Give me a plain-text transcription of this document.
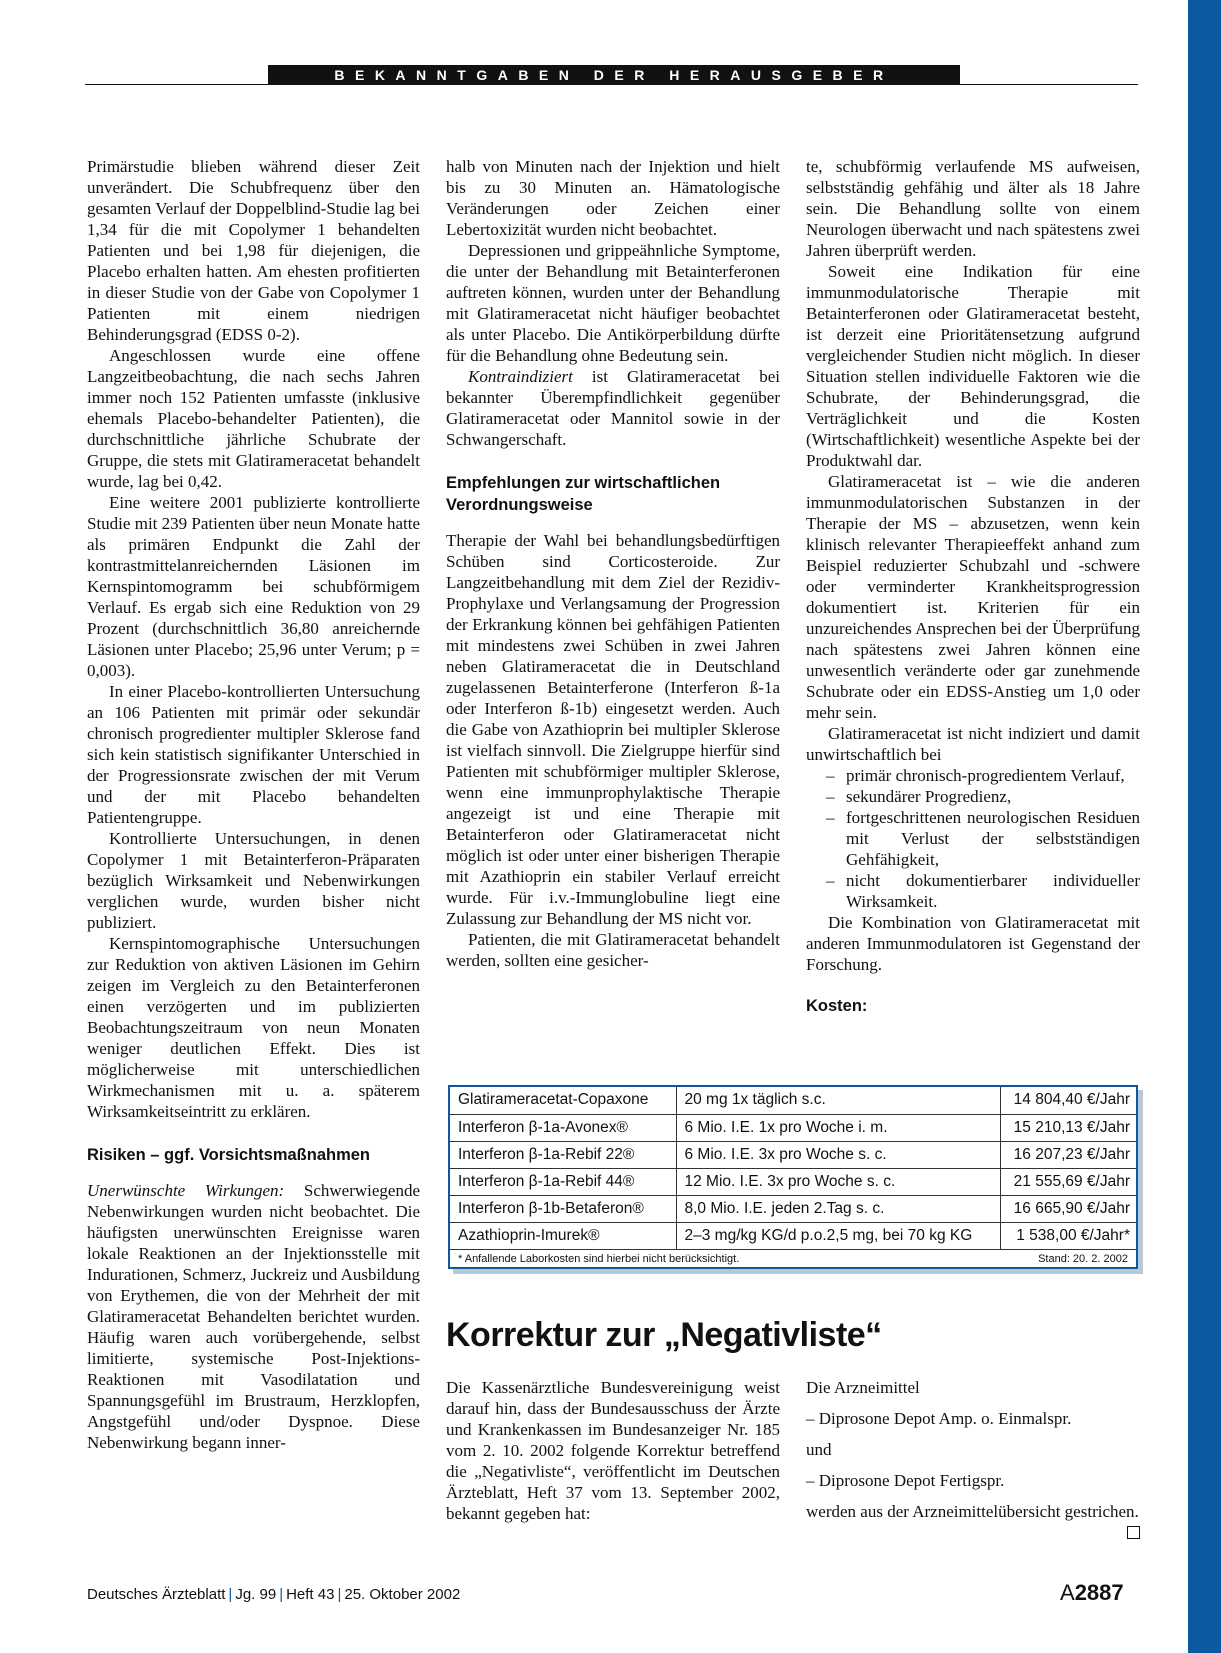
BEKANNTGABEN DER HERAUSGEBER

Primärstudie blieben während dieser Zeit unverändert. Die Schubfrequenz über den gesamten Verlauf der Doppelblind-Studie lag bei 1,34 für die mit Copolymer 1 behandelten Patienten und bei 1,98 für diejenigen, die Placebo erhalten hatten. Am ehesten profitierten in dieser Studie von der Gabe von Copolymer 1 Patienten mit einem niedrigen Behinderungsgrad (EDSS 0-2).

Angeschlossen wurde eine offene Langzeitbeobachtung, die nach sechs Jahren immer noch 152 Patienten umfasste (inklusive ehemals Placebo-behandelter Patienten), die durchschnittliche jährliche Schubrate der Gruppe, die stets mit Glatirameracetat behandelt wurde, lag bei 0,42.

Eine weitere 2001 publizierte kontrollierte Studie mit 239 Patienten über neun Monate hatte als primären Endpunkt die Zahl der kontrastmittelanreichernden Läsionen im Kernspintomogramm bei schubförmigem Verlauf. Es ergab sich eine Reduktion von 29 Prozent (durchschnittlich 36,80 anreichernde Läsionen unter Placebo; 25,96 unter Verum; p = 0,003).

In einer Placebo-kontrollierten Untersuchung an 106 Patienten mit primär oder sekundär chronisch progredienter multipler Sklerose fand sich kein statistisch signifikanter Unterschied in der Progressionsrate zwischen der mit Verum und der mit Placebo behandelten Patientengruppe.

Kontrollierte Untersuchungen, in denen Copolymer 1 mit Betainterferon-Präparaten bezüglich Wirksamkeit und Nebenwirkungen verglichen wurde, wurden bisher nicht publiziert.

Kernspintomographische Untersuchungen zur Reduktion von aktiven Läsionen im Gehirn zeigen im Vergleich zu den Betainterferonen einen verzögerten und im publizierten Beobachtungszeitraum von neun Monaten weniger deutlichen Effekt. Dies ist möglicherweise mit unterschiedlichen Wirkmechanismen mit u. a. späterem Wirksamkeitseintritt zu erklären.

Risiken – ggf. Vorsichtsmaßnahmen

Unerwünschte Wirkungen: Schwerwiegende Nebenwirkungen wurden nicht beobachtet. Die häufigsten unerwünschten Ereignisse waren lokale Reaktionen an der Injektionsstelle mit Indurationen, Schmerz, Juckreiz und Ausbildung von Erythemen, die von der Mehrheit der mit Glatirameracetat Behandelten berichtet wurden. Häufig waren auch vorübergehende, selbst limitierte, systemische Post-Injektions-Reaktionen mit Vasodilatation und Spannungsgefühl im Brustraum, Herzklopfen, Angstgefühl und/oder Dyspnoe. Diese Nebenwirkung begann inner-

halb von Minuten nach der Injektion und hielt bis zu 30 Minuten an. Hämatologische Veränderungen oder Zeichen einer Lebertoxizität wurden nicht beobachtet.

Depressionen und grippeähnliche Symptome, die unter der Behandlung mit Betainterferonen auftreten können, wurden unter der Behandlung mit Glatirameracetat nicht häufiger beobachtet als unter Placebo. Die Antikörperbildung dürfte für die Behandlung ohne Bedeutung sein.

Kontraindiziert ist Glatirameracetat bei bekannter Überempfindlichkeit gegenüber Glatirameracetat oder Mannitol sowie in der Schwangerschaft.

Empfehlungen zur wirtschaftlichen Verordnungsweise

Therapie der Wahl bei behandlungsbedürftigen Schüben sind Corticosteroide. Zur Langzeitbehandlung mit dem Ziel der Rezidiv-Prophylaxe und Verlangsamung der Progression der Erkrankung können bei gehfähigen Patienten mit mindestens zwei Schüben in zwei Jahren neben Glatirameracetat die in Deutschland zugelassenen Betainterferone (Interferon ß-1a oder Interferon ß-1b) eingesetzt werden. Auch die Gabe von Azathioprin bei multipler Sklerose ist vielfach sinnvoll. Die Zielgruppe hierfür sind Patienten mit schubförmiger multipler Sklerose, wenn eine immunprophylaktische Therapie angezeigt ist und eine Therapie mit Betainterferon oder Glatirameracetat nicht möglich ist oder unter einer bisherigen Therapie mit Azathioprin ein stabiler Verlauf erreicht wurde. Für i.v.-Immunglobuline liegt eine Zulassung zur Behandlung der MS nicht vor.

Patienten, die mit Glatirameracetat behandelt werden, sollten eine gesicher-

te, schubförmig verlaufende MS aufweisen, selbstständig gehfähig und älter als 18 Jahre sein. Die Behandlung sollte von einem Neurologen überwacht und nach spätestens zwei Jahren überprüft werden.

Soweit eine Indikation für eine immunmodulatorische Therapie mit Betainterferonen oder Glatirameracetat besteht, ist derzeit eine Prioritätensetzung aufgrund vergleichender Studien nicht möglich. In dieser Situation stellen individuelle Faktoren wie die Schubrate, der Behinderungsgrad, die Verträglichkeit und die Kosten (Wirtschaftlichkeit) wesentliche Aspekte bei der Produktwahl dar.

Glatirameracetat ist – wie die anderen immunmodulatorischen Substanzen in der Therapie der MS – abzusetzen, wenn kein klinisch relevanter Therapieeffekt anhand zum Beispiel reduzierter Schubzahl und -schwere oder verminderter Krankheitsprogression dokumentiert ist. Kriterien für ein unzureichendes Ansprechen bei der Überprüfung nach spätestens zwei Jahren können eine unwesentlich veränderte oder gar zunehmende Schubrate oder ein EDSS-Anstieg um 1,0 oder mehr sein.

Glatirameracetat ist nicht indiziert und damit unwirtschaftlich bei

– primär chronisch-progredientem Verlauf,
– sekundärer Progredienz,
– fortgeschrittenen neurologischen Residuen mit Verlust der selbstständigen Gehfähigkeit,
– nicht dokumentierbarer individueller Wirksamkeit.

Die Kombination von Glatirameracetat mit anderen Immunmodulatoren ist Gegenstand der Forschung.

Kosten:
Glatirameracetat-Copaxone	20 mg 1x täglich s.c.	14 804,40 €/Jahr
Interferon β-1a-Avonex®	6 Mio. I.E. 1x pro Woche i. m.	15 210,13 €/Jahr
Interferon β-1a-Rebif 22®	6 Mio. I.E. 3x pro Woche s. c.	16 207,23 €/Jahr
Interferon β-1a-Rebif 44®	12 Mio. I.E. 3x pro Woche s. c.	21 555,69 €/Jahr
Interferon β-1b-Betaferon®	8,0 Mio. I.E. jeden 2.Tag s. c.	16 665,90 €/Jahr
Azathioprin-Imurek®	2–3 mg/kg KG/d p.o.2,5 mg, bei 70 kg KG	1 538,00 €/Jahr*
* Anfallende Laborkosten sind hierbei nicht berücksichtigt.	Stand: 20. 2. 2002
Korrektur zur „Negativliste“
Die Kassenärztliche Bundesvereinigung weist darauf hin, dass der Bundesausschuss der Ärzte und Krankenkassen im Bundesanzeiger Nr. 185 vom 2. 10. 2002 folgende Korrektur betreffend die „Negativliste“, veröffentlicht im Deutschen Ärzteblatt, Heft 37 vom 13. September 2002, bekannt gegeben hat:

Die Arzneimittel

– Diprosone Depot Amp. o. Einmalspr.

und

– Diprosone Depot Fertigspr.

werden aus der Arzneimittelübersicht gestrichen.

Deutsches Ärzteblatt | Jg. 99 | Heft 43 | 25. Oktober 2002	A2887
